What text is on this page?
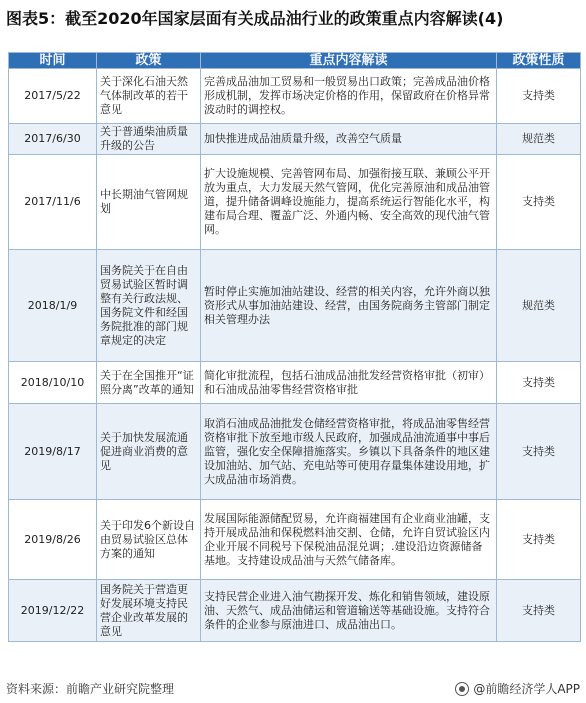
图表5：截至2020年国家层面有关成品油行业的政策重点内容解读(4)
时间	政策	重点内容解读	政策性质
2017/5/22	关于深化石油天然气体制改革的若干意见	完善成品油加工贸易和一般贸易出口政策；完善成品油价格形成机制，发挥市场决定价格的作用，保留政府在价格异常波动时的调控权。	支持类
2017/6/30	关于普通柴油质量升级的公告	加快推进成品油质量升级，改善空气质量	规范类
2017/11/6	中长期油气管网规划	扩大设施规模、完善管网布局、加强衔接互联、兼顾公平开放为重点，大力发展天然气管网，优化完善原油和成品油管道，提升储备调峰设施能力，提高系统运行智能化水平，构建布局合理、覆盖广泛、外通内畅、安全高效的现代油气管网。	支持类
2018/1/9	国务院关于在自由贸易试验区暂时调整有关行政法规、国务院文件和经国务院批准的部门规章规定的决定	暂时停止实施加油站建设、经营的相关内容，允许外商以独资形式从事加油站建设、经营，由国务院商务主管部门制定相关管理办法	规范类
2018/10/10	关于在全国推开“证照分离”改革的通知	简化审批流程，包括石油成品油批发经营资格审批（初审）和石油成品油零售经营资格审批	支持类
2019/8/17	关于加快发展流通促进商业消费的意见	取消石油成品油批发仓储经营资格审批，将成品油零售经营资格审批下放至地市级人民政府，加强成品油流通事中事后监管，强化安全保障措施落实。乡镇以下具备条件的地区建设加油站、加气站、充电站等可使用存量集体建设用地，扩大成品油市场消费。	支持类
2019/8/26	关于印发6个新设自由贸易试验区总体方案的通知	发展国际能源储配贸易，允许商福建国有企业商业油罐，支持开展成品油和保税燃料油交割、仓储，允许自贸试验区内企业开展不同税号下保税油品混兑调；.建设沿边资源储备基地。支持建设成品油与天然气储备库。	支持类
2019/12/22	国务院关于营造更好发展环境支持民营企业改革发展的意见	支持民营企业进入油气勘探开发、炼化和销售领域，建设原油、天然气、成品油储运和管道输送等基础设施。支持符合条件的企业参与原油进口、成品油出口。	支持类
资料来源：前瞻产业研究院整理	@前瞻经济学人APP
